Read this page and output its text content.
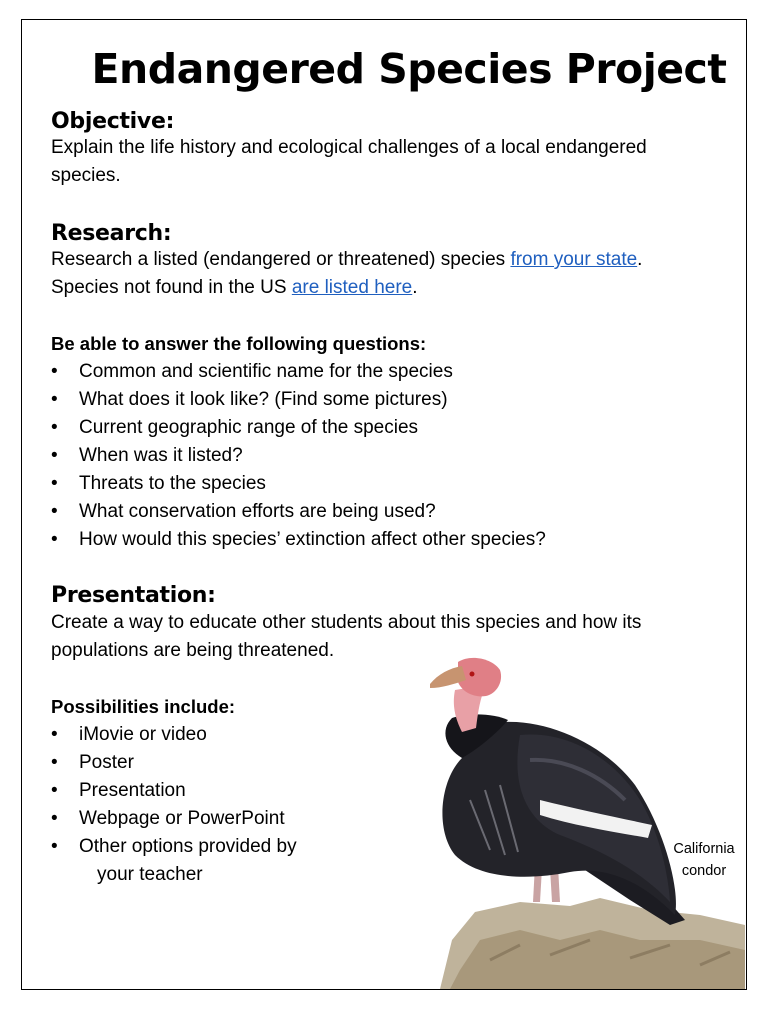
Endangered Species Project
Objective:

Explain the life history and ecological challenges of a local endangered species.

Research:

Research a listed (endangered or threatened) species from your state.
Species not found in the US are listed here.

Be able to answer the following questions:
• Common and scientific name for the species
• What does it look like? (Find some pictures)
• Current geographic range of the species
• When was it listed?
• Threats to the species
• What conservation efforts are being used?
• How would this species’ extinction affect other species?
Presentation:

Create a way to educate other students about this species and how its populations are being threatened.

Possibilities include:
• iMovie or video
• Poster
• Presentation
• Webpage or PowerPoint
• Other options provided by
your teacher
California
condor
